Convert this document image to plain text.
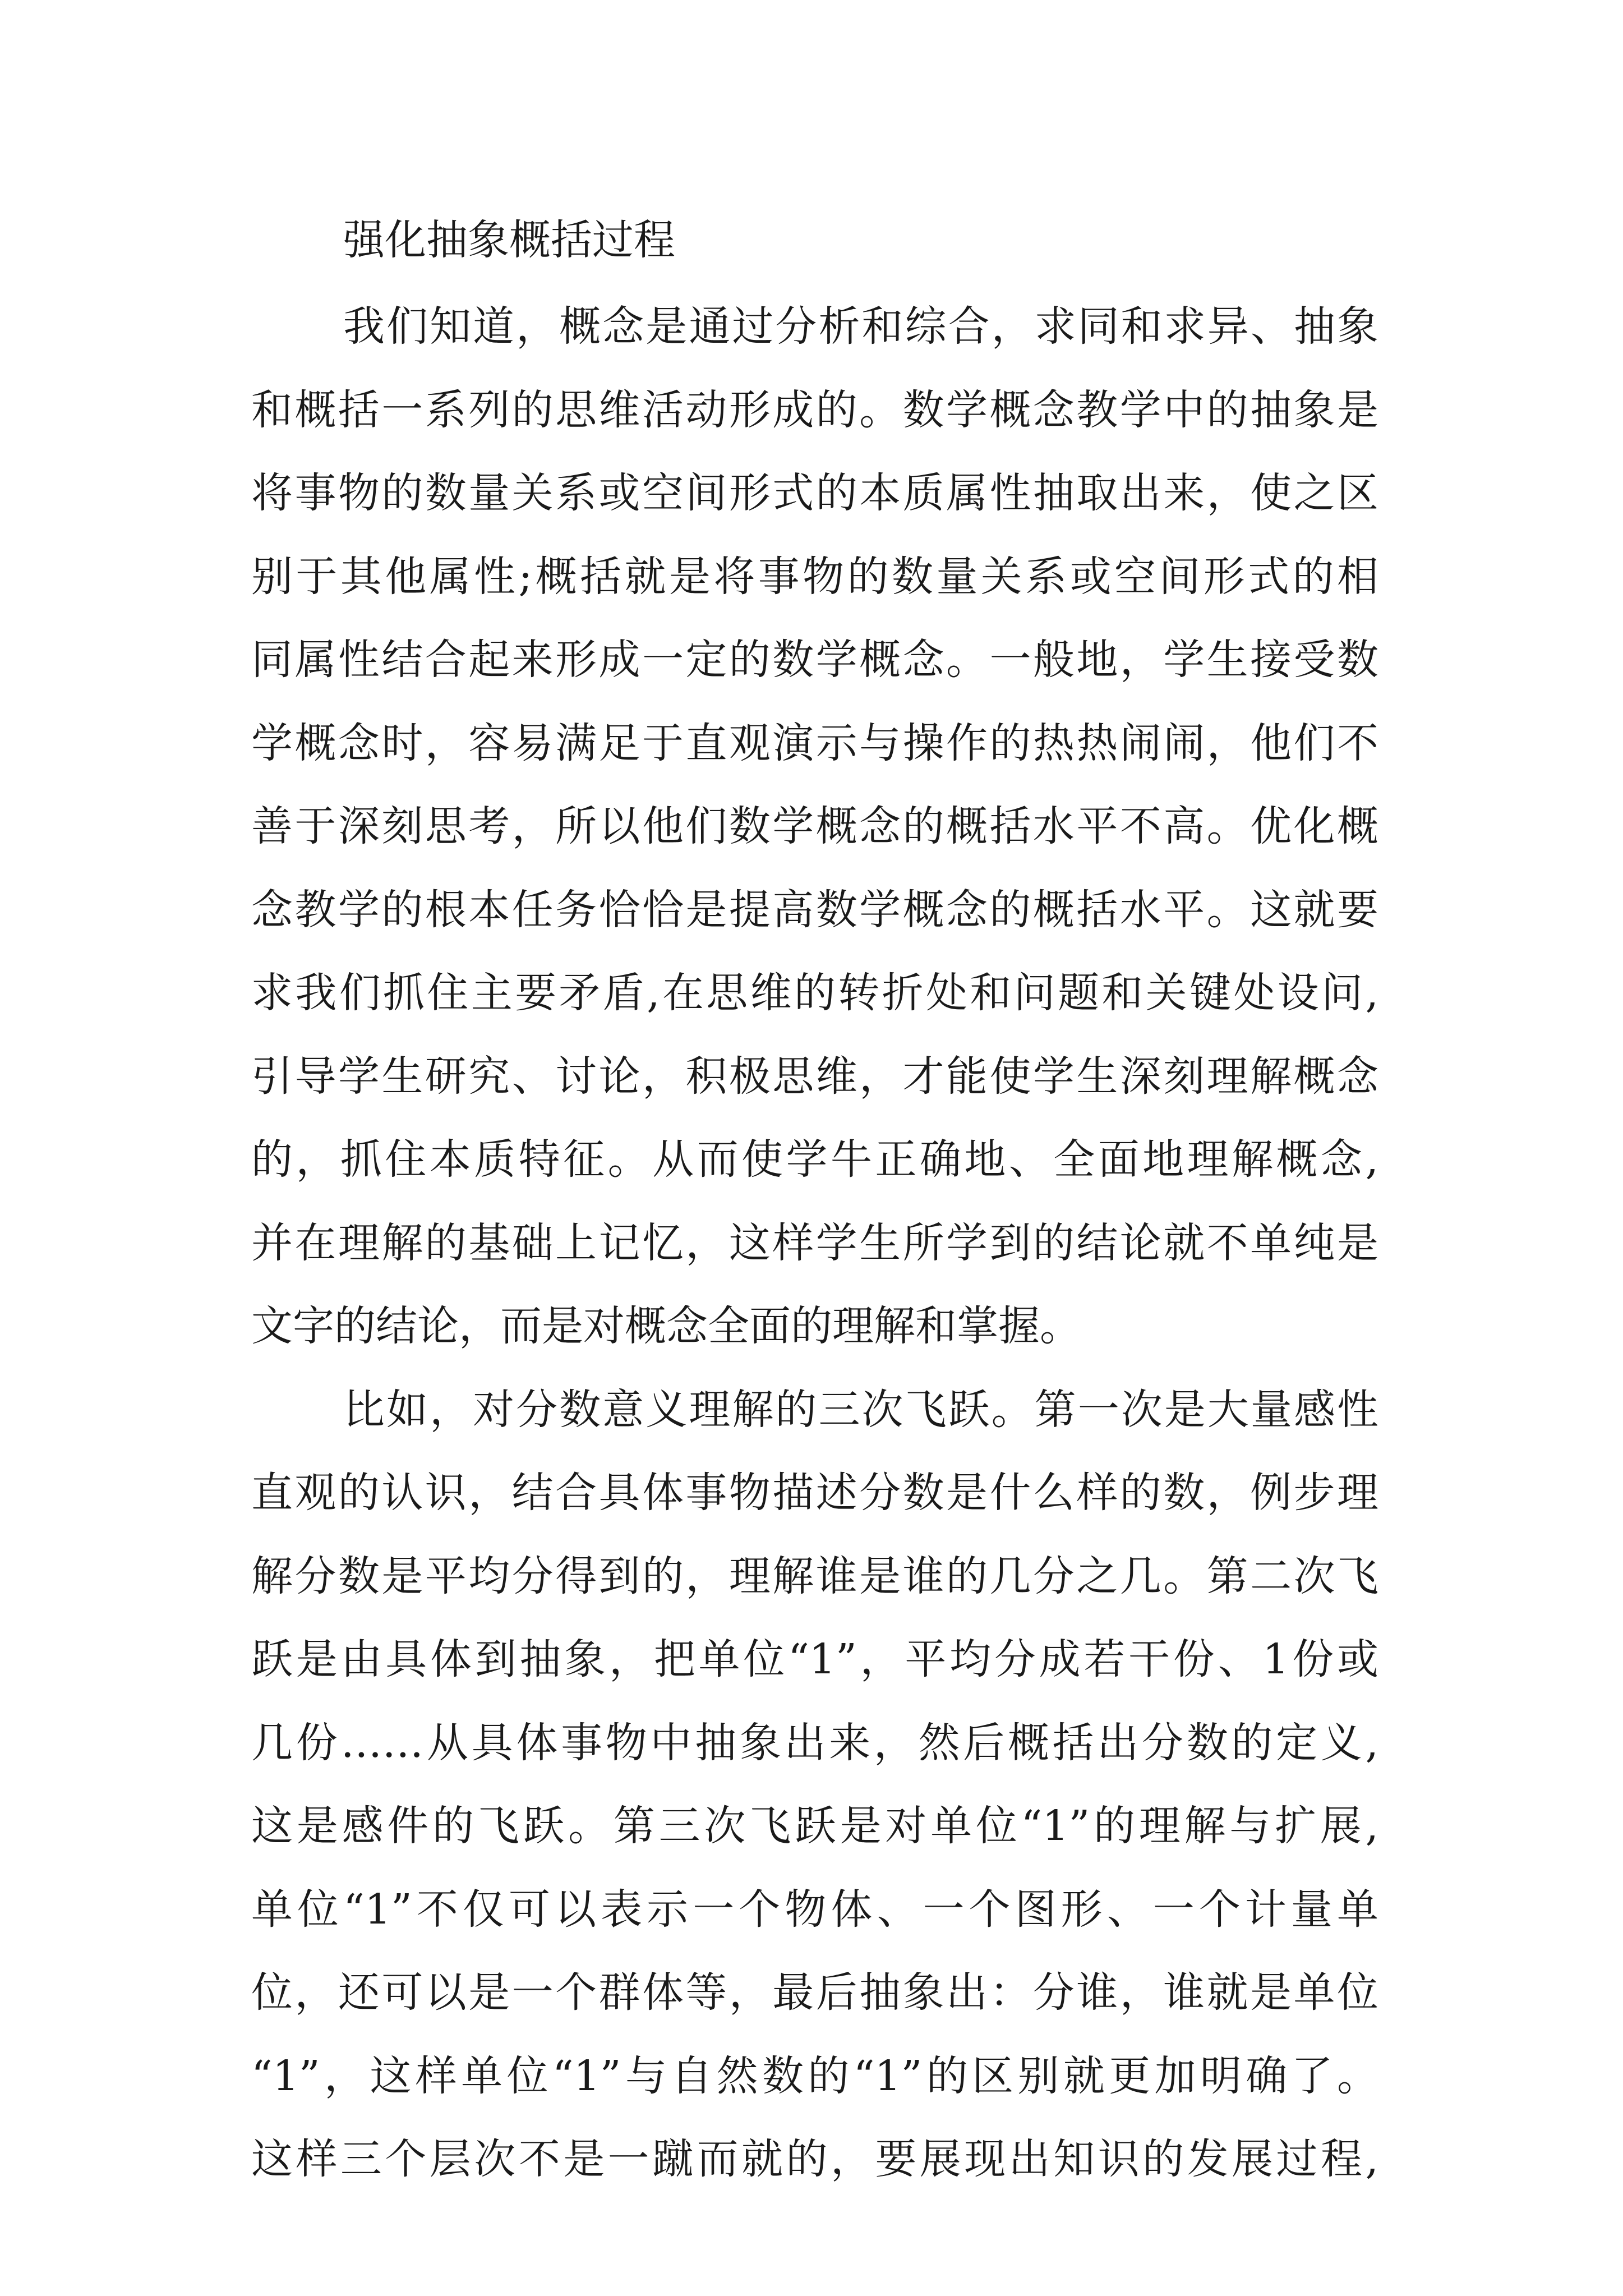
强化抽象概括过程
我们知道，概念是通过分析和综合，求同和求异、抽象
和概括一系列的思维活动形成的。数学概念教学中的抽象是
将事物的数量关系或空间形式的本质属性抽取出来，使之区
别于其他属性;概括就是将事物的数量关系或空间形式的相
同属性结合起来形成一定的数学概念。一般地，学生接受数
学概念时，容易满足于直观演示与操作的热热闹闹，他们不
善于深刻思考，所以他们数学概念的概括水平不高。优化概
念教学的根本任务恰恰是提高数学概念的概括水平。这就要
求我们抓住主要矛盾,在思维的转折处和问题和关键处设问,
引导学生研究、讨论，积极思维，才能使学生深刻理解概念
的，抓住本质特征。从而使学牛正确地、全面地理解概念,
并在理解的基础上记忆，这样学生所学到的结论就不单纯是
文字的结论，而是对概念全面的理解和掌握。
比如，对分数意义理解的三次飞跃。第一次是大量感性
直观的认识，结合具体事物描述分数是什么样的数，例步理
解分数是平均分得到的，理解谁是谁的几分之几。第二次飞
跃是由具体到抽象，把单位“1”，平均分成若干份、1份或
几份……从具体事物中抽象出来，然后概括出分数的定义,
这是感件的飞跃。第三次飞跃是对单位“1”的理解与扩展,
单位“1”不仅可以表示一个物体、一个图形、一个计量单
位，还可以是一个群体等，最后抽象出：分谁，谁就是单位
“1”，这样单位“1”与自然数的“1”的区别就更加明确了。
这样三个层次不是一蹴而就的，要展现出知识的发展过程,
